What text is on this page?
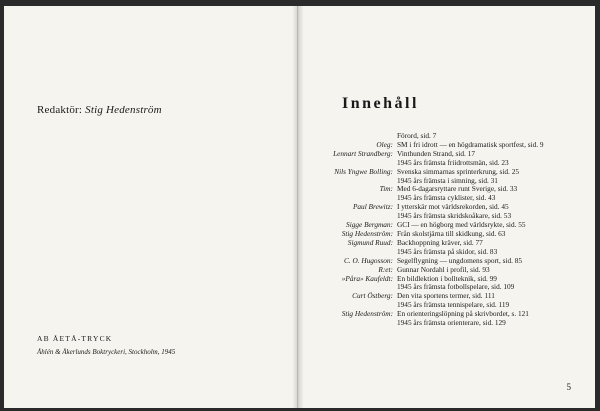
Redaktör: Stig Hedenström
AB ÅETÅ-TRYCK
Åhlén & Åkerlunds Boktryckeri, Stockholm, 1945
Innehåll
Förord, sid. 7
Oleg: SM i fri idrott — en högdramatisk sportfest, sid. 9
Lennart Strandberg: Vinthunden Strand, sid. 17
1945 års främsta friidrottsmän, sid. 23
Nils Yngwe Bolling: Svenska simmarnas sprinterkrung, sid. 25
1945 års främsta i simning, sid. 31
Tim: Med 6-dagarsryttare runt Sverige, sid. 33
1945 års främsta cyklister, sid. 43
Paul Brewitz: I ytterskär mot världsrekorden, sid. 45
1945 års främsta skridskoåkare, sid. 53
Sigge Bergman: GCI — en högborg med världsrykte, sid. 55
Stig Hedenström: Från skolstjärna till skidkung, sid. 63
Sigmund Ruud: Backhoppning kräver, sid. 77
1945 års främsta på skidor, sid. 83
C. O. Hugosson: Segelflygning — ungdomens sport, sid. 85
R:et: Gunnar Nordahl i profil, sid. 93
»Påra» Kaufeldt: En bildlektion i bollteknik, sid. 99
1945 års främsta fotbollspelare, sid. 109
Curt Östberg: Den vita sportens termer, sid. 111
1945 års främsta tennispelare, sid. 119
Stig Hedenström: En orienteringslöpning på skrivbordet, s. 121
1945 års främsta orienterare, sid. 129
5
